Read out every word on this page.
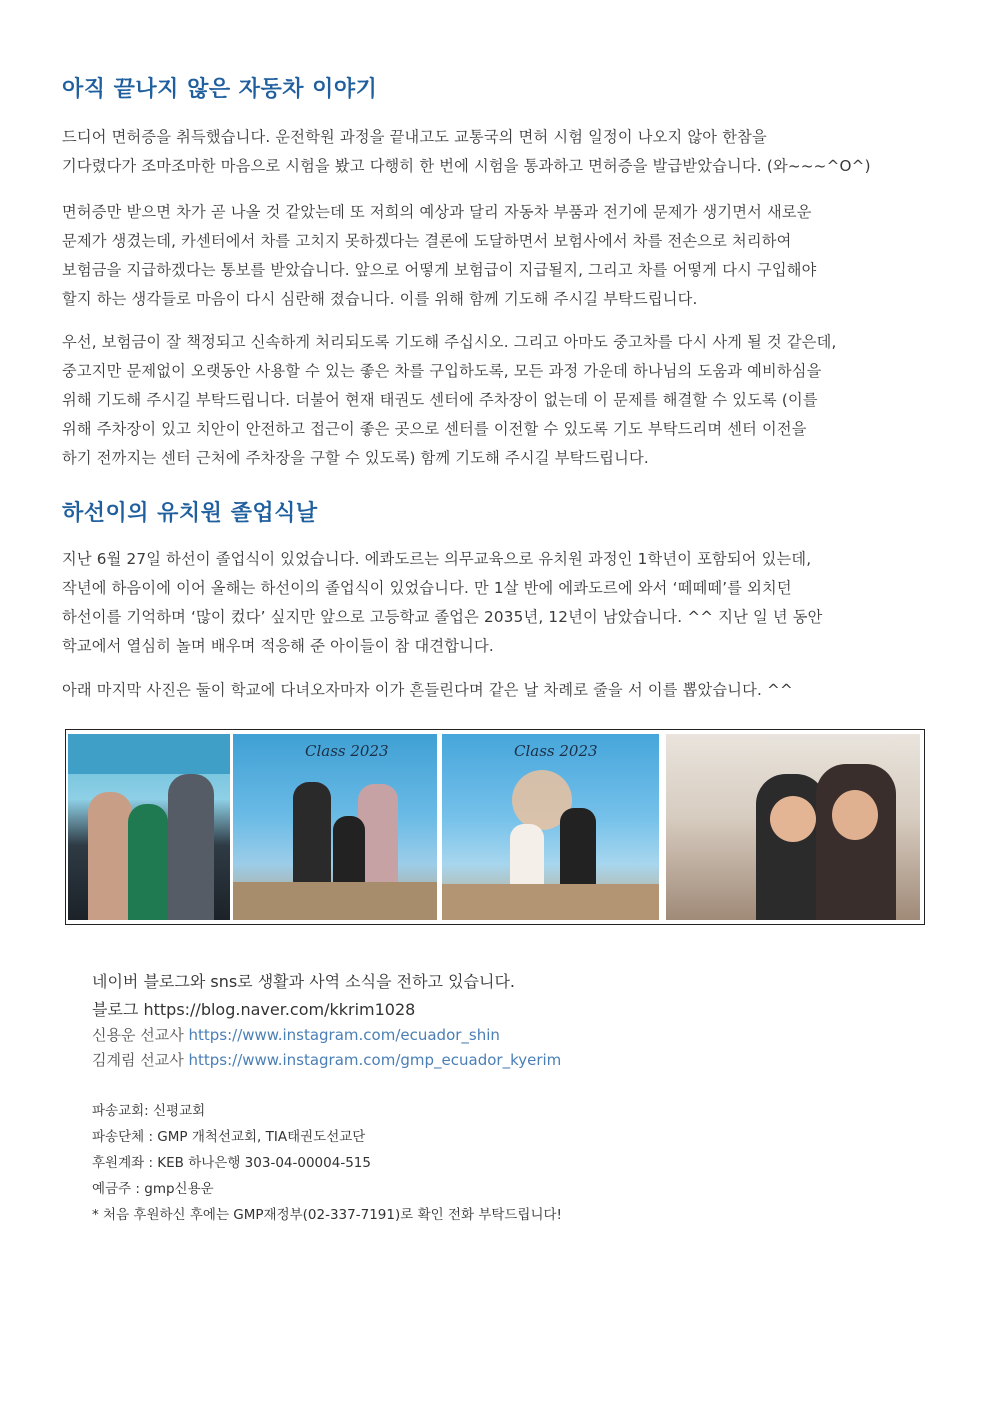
아직 끝나지 않은 자동차 이야기

드디어 면허증을 취득했습니다. 운전학원 과정을 끝내고도 교통국의 면허 시험 일정이 나오지 않아 한참을
기다렸다가 조마조마한 마음으로 시험을 봤고 다행히 한 번에 시험을 통과하고 면허증을 발급받았습니다. (와~~~^O^)

면허증만 받으면 차가 곧 나올 것 같았는데 또 저희의 예상과 달리 자동차 부품과 전기에 문제가 생기면서 새로운
문제가 생겼는데, 카센터에서 차를 고치지 못하겠다는 결론에 도달하면서 보험사에서 차를 전손으로 처리하여
보험금을 지급하겠다는 통보를 받았습니다. 앞으로 어떻게 보험급이 지급될지, 그리고 차를 어떻게 다시 구입해야
할지 하는 생각들로 마음이 다시 심란해 졌습니다. 이를 위해 함께 기도해 주시길 부탁드립니다.

우선, 보험금이 잘 책정되고 신속하게 처리되도록 기도해 주십시오. 그리고 아마도 중고차를 다시 사게 될 것 같은데,
중고지만 문제없이 오랫동안 사용할 수 있는 좋은 차를 구입하도록, 모든 과정 가운데 하나님의 도움과 예비하심을
위해 기도해 주시길 부탁드립니다. 더불어 현재 태권도 센터에 주차장이 없는데 이 문제를 해결할 수 있도록 (이를
위해 주차장이 있고 치안이 안전하고 접근이 좋은 곳으로 센터를 이전할 수 있도록 기도 부탁드리며 센터 이전을
하기 전까지는 센터 근처에 주차장을 구할 수 있도록) 함께 기도해 주시길 부탁드립니다.

하선이의 유치원 졸업식날

지난 6월 27일 하선이 졸업식이 있었습니다. 에콰도르는 의무교육으로 유치원 과정인 1학년이 포함되어 있는데,
작년에 하음이에 이어 올해는 하선이의 졸업식이 있었습니다. 만 1살 반에 에콰도르에 와서 ‘떼떼떼’를 외치던
하선이를 기억하며 ‘많이 컸다’ 싶지만 앞으로 고등학교 졸업은 2035년, 12년이 남았습니다. ^^ 지난 일 년 동안
학교에서 열심히 놀며 배우며 적응해 준 아이들이 참 대견합니다.

아래 마지막 사진은 둘이 학교에 다녀오자마자 이가 흔들린다며 같은 날 차례로 줄을 서 이를 뽑았습니다. ^^

Class 2023	Class 2023

네이버 블로그와 sns로 생활과 사역 소식을 전하고 있습니다.

블로그 https://blog.naver.com/kkrim1028

신용운 선교사 https://www.instagram.com/ecuador_shin

김계림 선교사 https://www.instagram.com/gmp_ecuador_kyerim

파송교회: 신평교회

파송단체 : GMP 개척선교회, TIA태권도선교단

후원계좌 : KEB 하나은행 303-04-00004-515

예금주 : gmp신용운

* 처음 후원하신 후에는 GMP재정부(02-337-7191)로 확인 전화 부탁드립니다!
